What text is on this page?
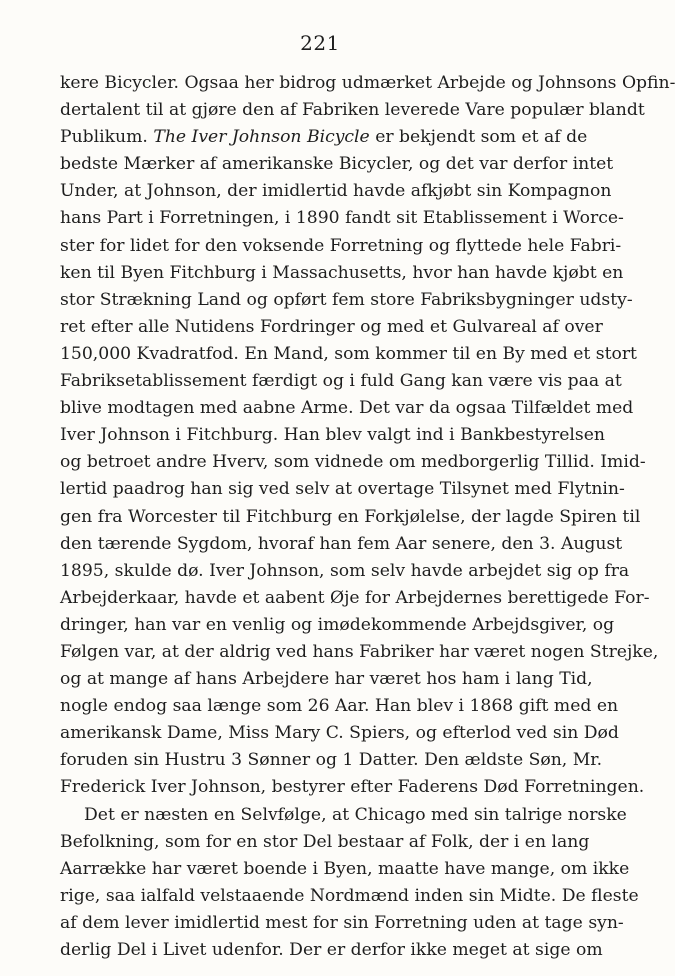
221
kere Bicycler. Ogsaa her bidrog udmærket Arbejde og Johnsons Opfin-
dertalent til at gjøre den af Fabriken leverede Vare populær blandt
Publikum. The Iver Johnson Bicycle er bekjendt som et af de
bedste Mærker af amerikanske Bicycler, og det var derfor intet
Under, at Johnson, der imidlertid havde afkjøbt sin Kompagnon
hans Part i Forretningen, i 1890 fandt sit Etablissement i Worce-
ster for lidet for den voksende Forretning og flyttede hele Fabri-
ken til Byen Fitchburg i Massachusetts, hvor han havde kjøbt en
stor Strækning Land og opført fem store Fabriksbygninger udsty-
ret efter alle Nutidens Fordringer og med et Gulvareal af over
150,000 Kvadratfod. En Mand, som kommer til en By med et stort
Fabriksetablissement færdigt og i fuld Gang kan være vis paa at
blive modtagen med aabne Arme. Det var da ogsaa Tilfældet med
Iver Johnson i Fitchburg. Han blev valgt ind i Bankbestyrelsen
og betroet andre Hverv, som vidnede om medborgerlig Tillid. Imid-
lertid paadrog han sig ved selv at overtage Tilsynet med Flytnin-
gen fra Worcester til Fitchburg en Forkjølelse, der lagde Spiren til
den tærende Sygdom, hvoraf han fem Aar senere, den 3. August
1895, skulde dø. Iver Johnson, som selv havde arbejdet sig op fra
Arbejderkaar, havde et aabent Øje for Arbejdernes berettigede For-
dringer, han var en venlig og imødekommende Arbejdsgiver, og
Følgen var, at der aldrig ved hans Fabriker har været nogen Strejke,
og at mange af hans Arbejdere har været hos ham i lang Tid,
nogle endog saa længe som 26 Aar. Han blev i 1868 gift med en
amerikansk Dame, Miss Mary C. Spiers, og efterlod ved sin Død
foruden sin Hustru 3 Sønner og 1 Datter. Den ældste Søn, Mr.
Frederick Iver Johnson, bestyrer efter Faderens Død Forretningen.
Det er næsten en Selvfølge, at Chicago med sin talrige norske
Befolkning, som for en stor Del bestaar af Folk, der i en lang
Aarrække har været boende i Byen, maatte have mange, om ikke
rige, saa ialfald velstaaende Nordmænd inden sin Midte. De fleste
af dem lever imidlertid mest for sin Forretning uden at tage syn-
derlig Del i Livet udenfor. Der er derfor ikke meget at sige om
